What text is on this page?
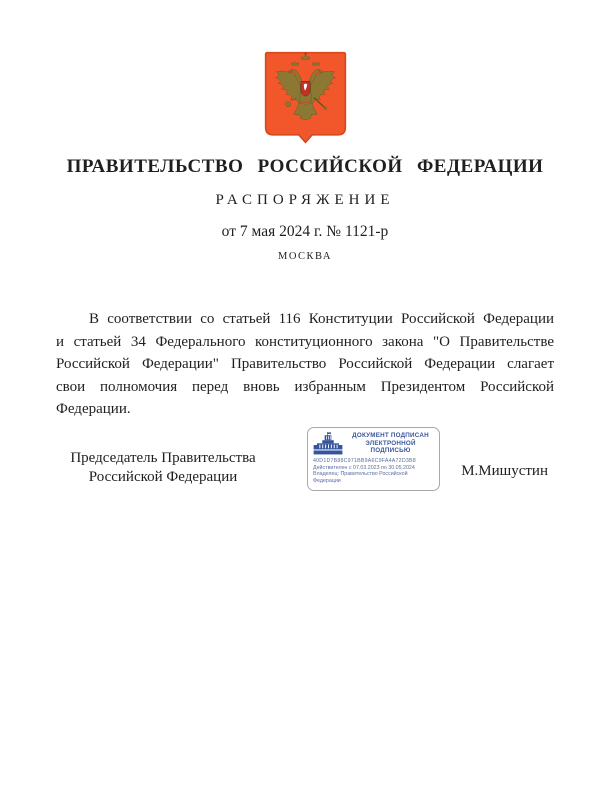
ПРАВИТЕЛЬСТВО РОССИЙСКОЙ ФЕДЕРАЦИИ
РАСПОРЯЖЕНИЕ
от 7 мая 2024 г. № 1121-р
МОСКВА
В соответствии со статьей 116 Конституции Российской Федерации
и статьей 34 Федерального конституционного закона "О Правительстве
Российской Федерации" Правительство Российской Федерации слагает
свои полномочия перед вновь избранным Президентом Российской
Федерации.
Председатель Правительства
Российской Федерации
ДОКУМЕНТ ПОДПИСАН
ЭЛЕКТРОННОЙ ПОДПИСЬЮ
40D1D7B88C971BB9A6C9FA4A72D3B8
Действителен с 07.03.2023 по 30.05.2024
Владелец: Правительство Российской Федерации
М.Мишустин
